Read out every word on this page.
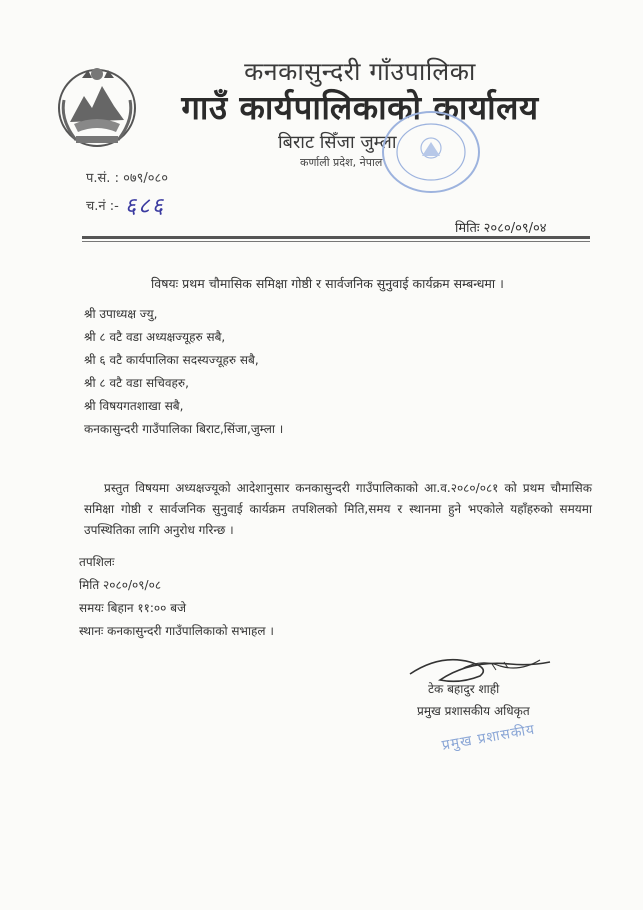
कनकासुन्दरी गाँउपालिका
गाउँ कार्यपालिकाको कार्यालय
बिराट सिँजा जुम्ला
कर्णाली प्रदेश, नेपाल
प.सं. : ०७९/०८०
च.नं :- ६८६
मितिः २०८०/०९/०४
विषयः प्रथम चौमासिक समिक्षा गोष्ठी र सार्वजनिक सुनुवाई कार्यक्रम सम्बन्धमा ।
श्री उपाध्यक्ष ज्यु,
श्री ८ वटै वडा अध्यक्षज्यूहरु सबै,
श्री ६ वटै कार्यपालिका सदस्यज्यूहरु सबै,
श्री ८ वटै वडा सचिवहरु,
श्री विषयगतशाखा सबै,
कनकासुन्दरी गाउँपालिका बिराट,सिंजा,जुम्ला ।
प्रस्तुत विषयमा अध्यक्षज्यूको आदेशानुसार कनकासुन्दरी गाउँपालिकाको आ.व.२०८०/०८१ को प्रथम चौमासिक समिक्षा गोष्ठी र सार्वजनिक सुनुवाई कार्यक्रम तपशिलको मिति,समय र स्थानमा हुने भएकोले यहाँहरुको समयमा उपस्थितिका लागि अनुरोध गरिन्छ ।
तपशिलः
मिति २०८०/०९/०८
समयः बिहान ११:०० बजे
स्थानः कनकासुन्दरी गाउँपालिकाको सभाहल ।
टेक बहादुर शाही
प्रमुख प्रशासकीय अधिकृत
प्रमुख प्रशासकीय
